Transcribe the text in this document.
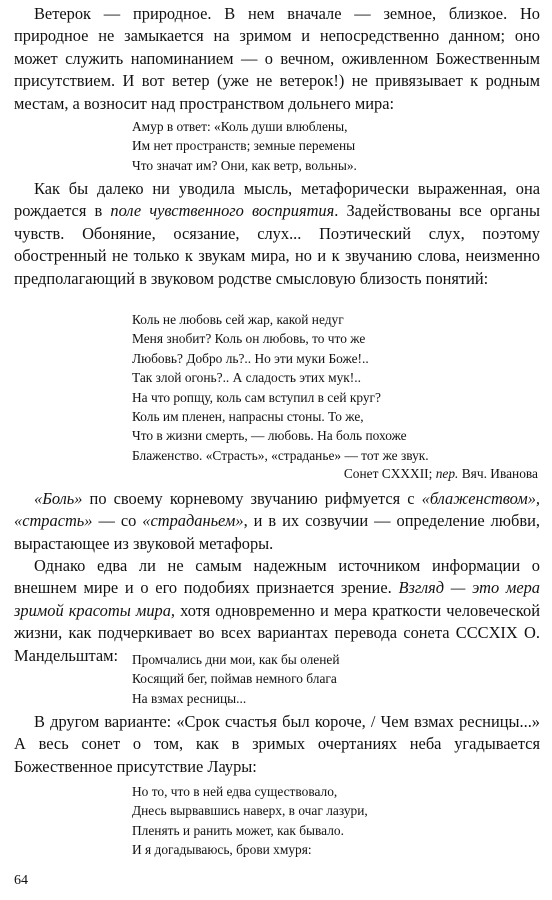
Ветерок — природное. В нем вначале — земное, близкое. Но природное не замыкается на зримом и непосредственно данном; оно может служить напоминанием — о вечном, оживленном Божественным присутствием. И вот ветер (уже не ветерок!) не привязывает к родным местам, а возносит над пространством дольнего мира:

Амур в ответ: «Коль души влюблены,
Им нет пространств; земные перемены
Что значат им? Они, как ветр, вольны».

Как бы далеко ни уводила мысль, метафорически выраженная, она рождается в поле чувственного восприятия. Задействованы все органы чувств. Обоняние, осязание, слух... Поэтический слух, поэтому обостренный не только к звукам мира, но и к звучанию слова, неизменно предполагающий в звуковом родстве смысловую близость понятий:

Коль не любовь сей жар, какой недуг
Меня знобит? Коль он любовь, то что же
Любовь? Добро ль?.. Но эти муки Боже!..
Так злой огонь?.. А сладость этих мук!..
На что ропщу, коль сам вступил в сей круг?
Коль им пленен, напрасны стоны. То же,
Что в жизни смерть, — любовь. На боль похоже
Блаженство. «Страсть», «страданье» — тот же звук.
Сонет CXXXII; пер. Вяч. Иванова

«Боль» по своему корневому звучанию рифмуется с «блаженством», «страсть» — со «страданьем», и в их созвучии — определение любви, вырастающее из звуковой метафоры.

Однако едва ли не самым надежным источником информации о внешнем мире и о его подобиях признается зрение. Взгляд — это мера зримой красоты мира, хотя одновременно и мера краткости человеческой жизни, как подчеркивает во всех вариантах перевода сонета CCCXIX О. Мандельштам:	Промчались дни мои, как бы оленей
Косящий бег, поймав немного блага
На взмах ресницы...

В другом варианте: «Срок счастья был короче, / Чем взмах ресницы...» А весь сонет о том, как в зримых очертаниях неба угадывается Божественное присутствие Лауры:

Но то, что в ней едва существовало,
Днесь вырвавшись наверх, в очаг лазури,
Пленять и ранить может, как бывало.
И я догадываюсь, брови хмуря:
64
